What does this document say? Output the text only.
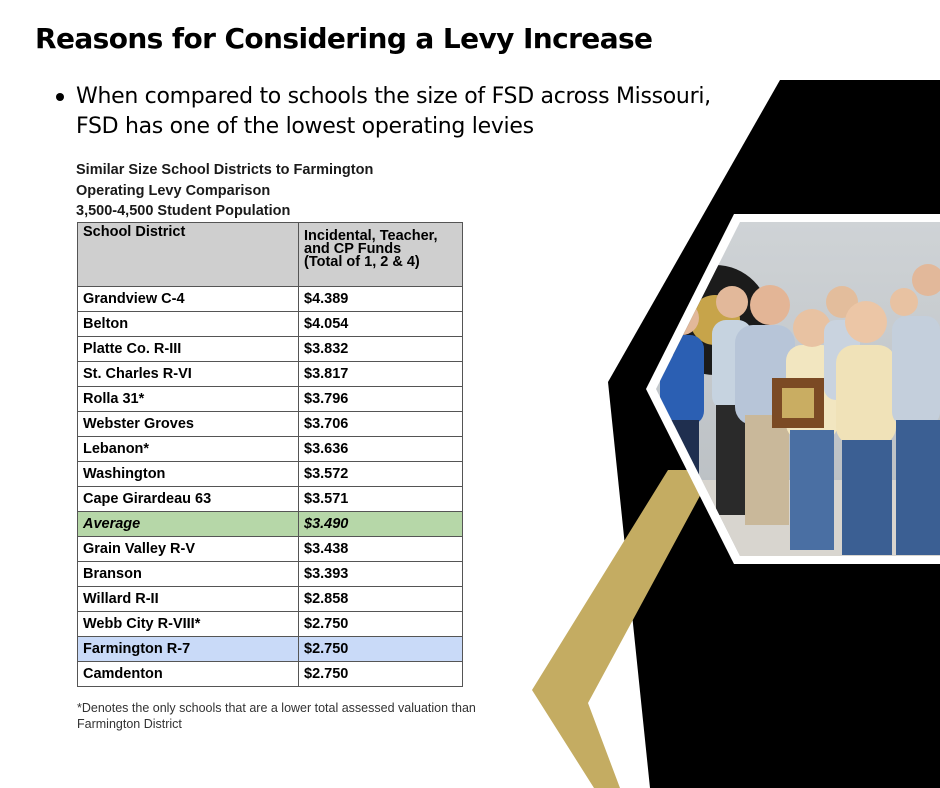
Reasons for Considering a Levy Increase
When compared to schools the size of FSD across Missouri, FSD has one of the lowest operating levies
Similar Size School Districts to Farmington
Operating Levy Comparison
3,500-4,500 Student Population
School District	Incidental, Teacher,
and CP Funds
(Total of 1, 2 & 4)

Grandview C-4	$4.389
Belton	$4.054
Platte Co. R-III	$3.832
St. Charles R-VI	$3.817
Rolla 31*	$3.796
Webster Groves	$3.706
Lebanon*	$3.636
Washington	$3.572
Cape Girardeau 63	$3.571
Average	$3.490
Grain Valley R-V	$3.438
Branson	$3.393
Willard R-II	$2.858
Webb City R-VIII*	$2.750
Farmington R-7	$2.750
Camdenton	$2.750
*Denotes the only schools that are a lower total assessed valuation than Farmington District
